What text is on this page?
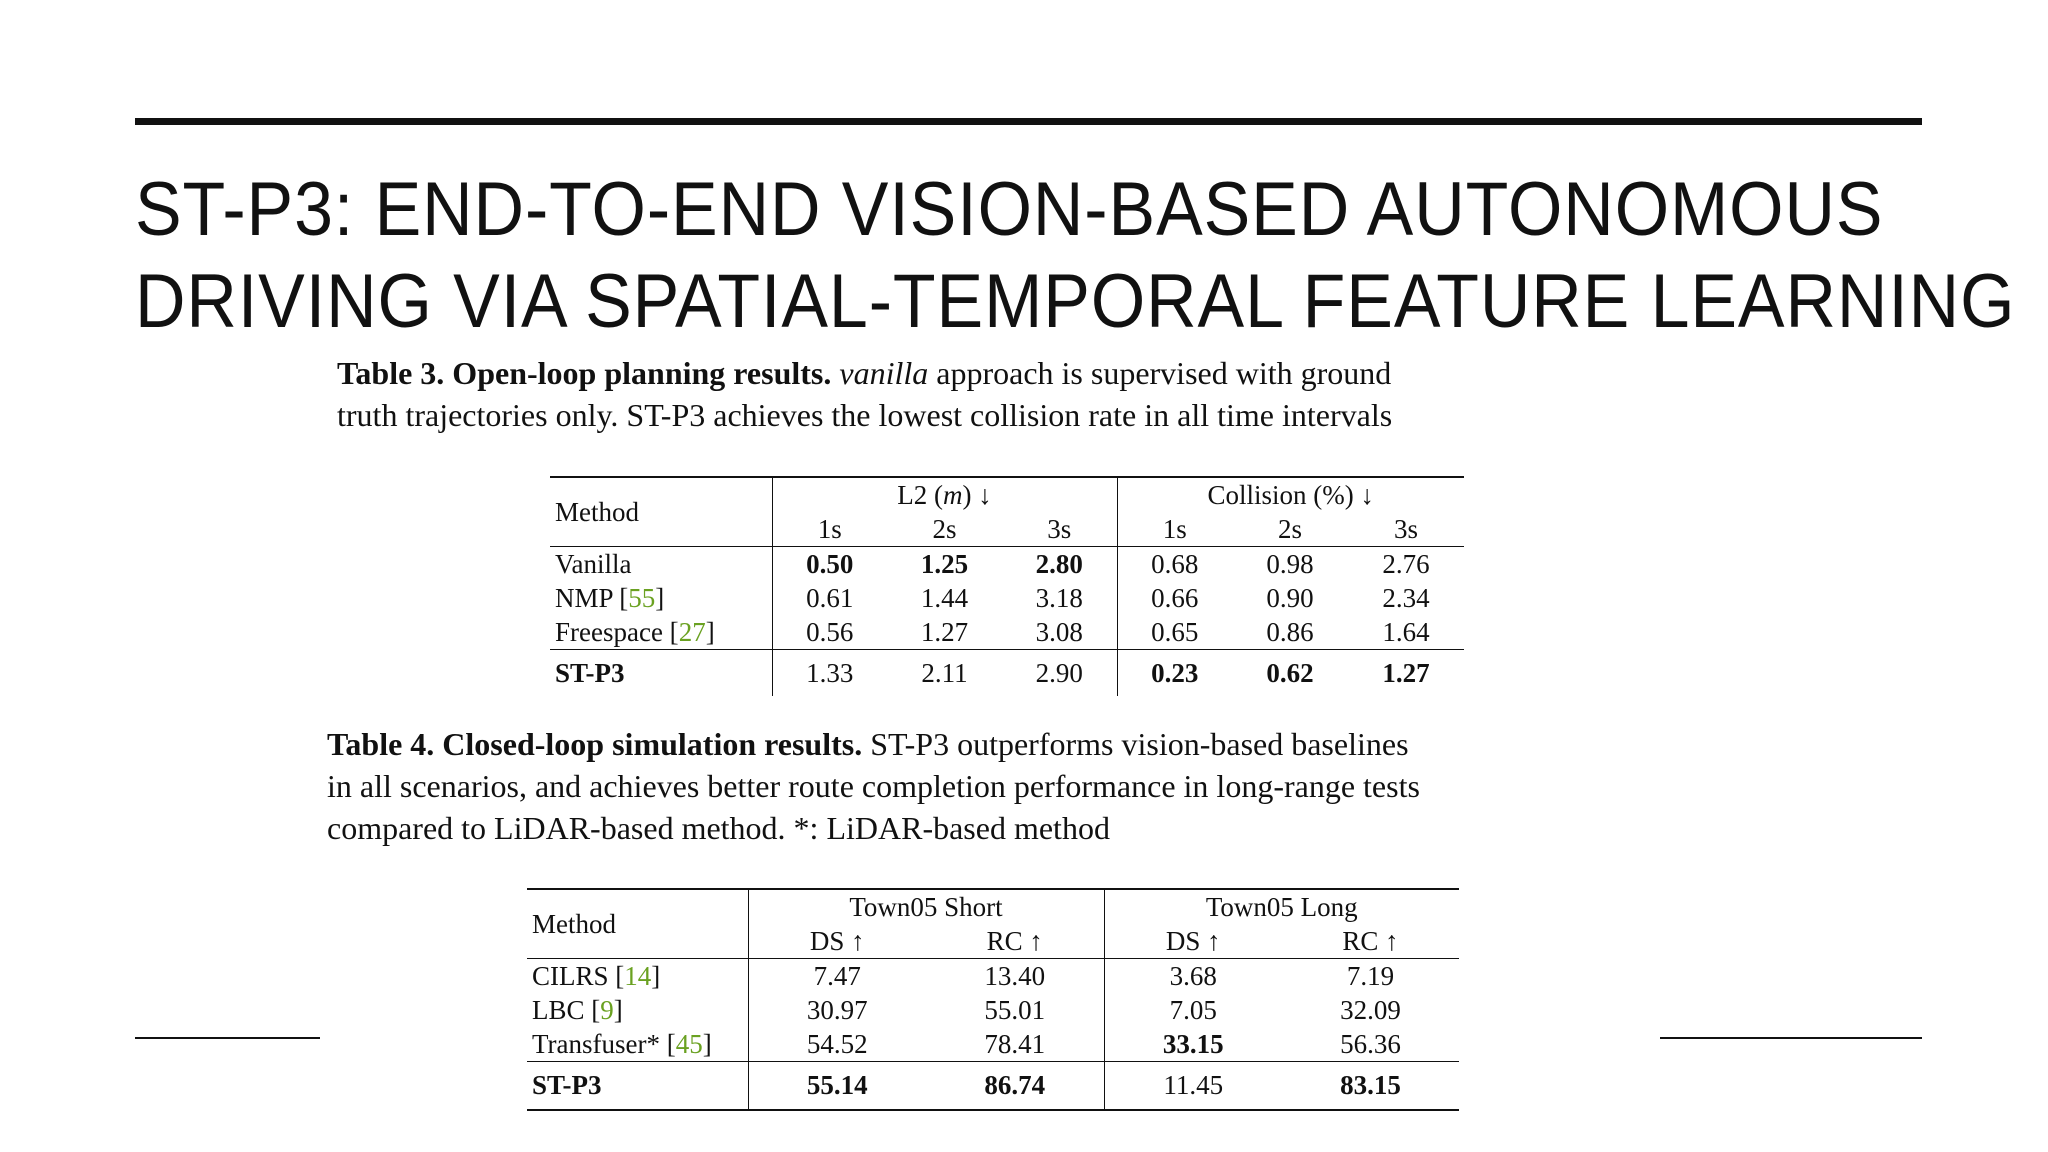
ST-P3: END-TO-END VISION-BASED AUTONOMOUS
DRIVING VIA SPATIAL-TEMPORAL FEATURE LEARNING
Table 3. Open-loop planning results. vanilla approach is supervised with ground
truth trajectories only. ST-P3 achieves the lowest collision rate in all time intervals
Method	L2 (m) ↓			Collision (%) ↓		
	1s	2s	3s	1s	2s	3s
Vanilla	0.50	1.25	2.80	0.68	0.98	2.76
NMP [55]	0.61	1.44	3.18	0.66	0.90	2.34
Freespace [27]	0.56	1.27	3.08	0.65	0.86	1.64
ST-P3	1.33	2.11	2.90	0.23	0.62	1.27
Table 4. Closed-loop simulation results. ST-P3 outperforms vision-based baselines
in all scenarios, and achieves better route completion performance in long-range tests
compared to LiDAR-based method. *: LiDAR-based method
Method	Town05 Short		Town05 Long	
	DS ↑	RC ↑	DS ↑	RC ↑
CILRS [14]	7.47	13.40	3.68	7.19
LBC [9]	30.97	55.01	7.05	32.09
Transfuser* [45]	54.52	78.41	33.15	56.36
ST-P3	55.14	86.74	11.45	83.15
